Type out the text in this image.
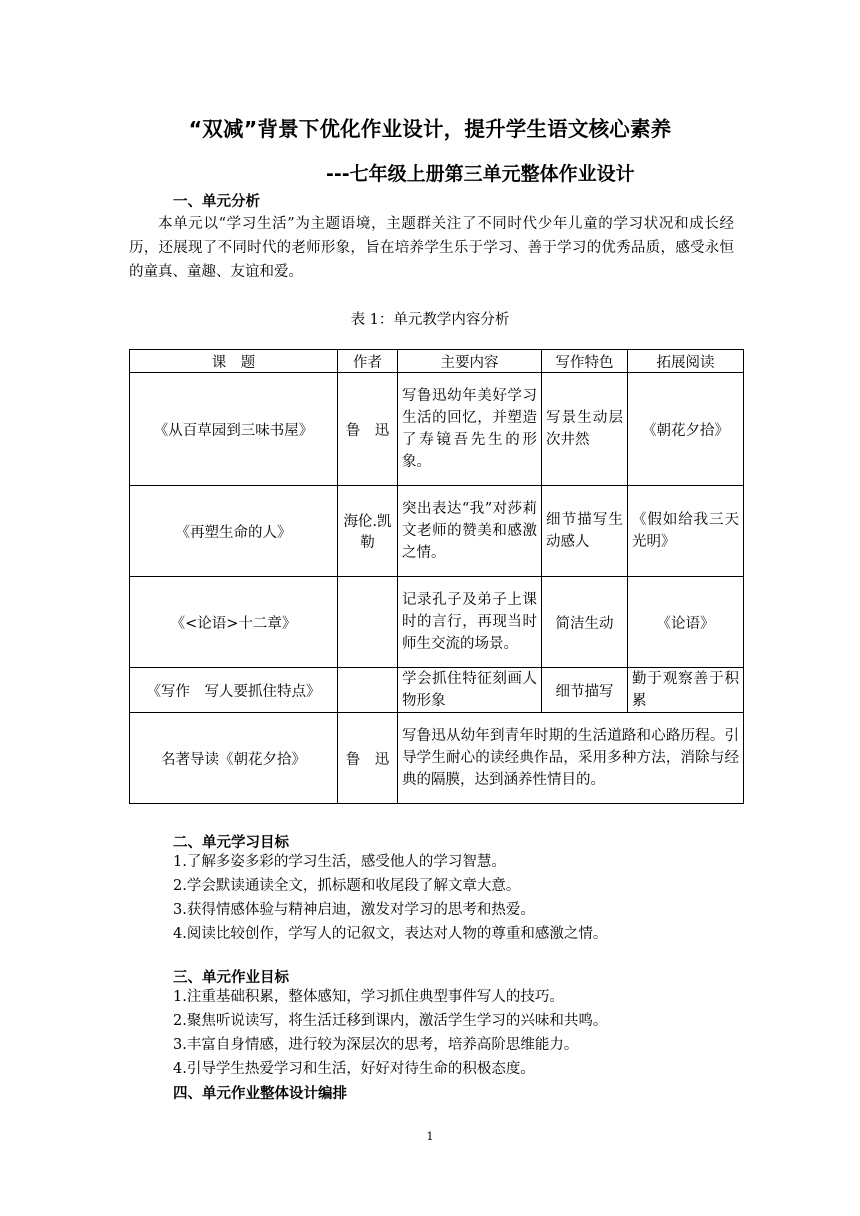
“双减”背景下优化作业设计，提升学生语文核心素养
---七年级上册第三单元整体作业设计
一、单元分析
本单元以“学习生活”为主题语境，主题群关注了不同时代少年儿童的学习状况和成长经历，还展现了不同时代的老师形象，旨在培养学生乐于学习、善于学习的优秀品质，感受永恒的童真、童趣、友谊和爱。
表 1：单元教学内容分析
课　题	作者	主要内容	写作特色	拓展阅读
《从百草园到三味书屋》	鲁　迅	写鲁迅幼年美好学习生活的回忆，并塑造了寿镜吾先生的形象。	写景生动层次井然	《朝花夕拾》
《再塑生命的人》	海伦.凯 勒	突出表达“我”对莎莉文老师的赞美和感激之情。	细节描写生动感人	《假如给我三天光明》
《<论语>十二章》		记录孔子及弟子上课时的言行，再现当时师生交流的场景。	简洁生动	《论语》
《写作　写人要抓住特点》		学会抓住特征刻画人物形象	细节描写	勤于观察善于积累
名著导读《朝花夕拾》	鲁　迅	写鲁迅从幼年到青年时期的生活道路和心路历程。引导学生耐心的读经典作品，采用多种方法，消除与经典的隔膜，达到涵养性情目的。		
二、单元学习目标
1.了解多姿多彩的学习生活，感受他人的学习智慧。
2.学会默读通读全文，抓标题和收尾段了解文章大意。
3.获得情感体验与精神启迪，激发对学习的思考和热爱。
4.阅读比较创作，学写人的记叙文，表达对人物的尊重和感激之情。
三、单元作业目标
1.注重基础积累，整体感知，学习抓住典型事件写人的技巧。
2.聚焦听说读写，将生活迁移到课内，激活学生学习的兴味和共鸣。
3.丰富自身情感，进行较为深层次的思考，培养高阶思维能力。
4.引导学生热爱学习和生活，好好对待生命的积极态度。
四、单元作业整体设计编排
1
